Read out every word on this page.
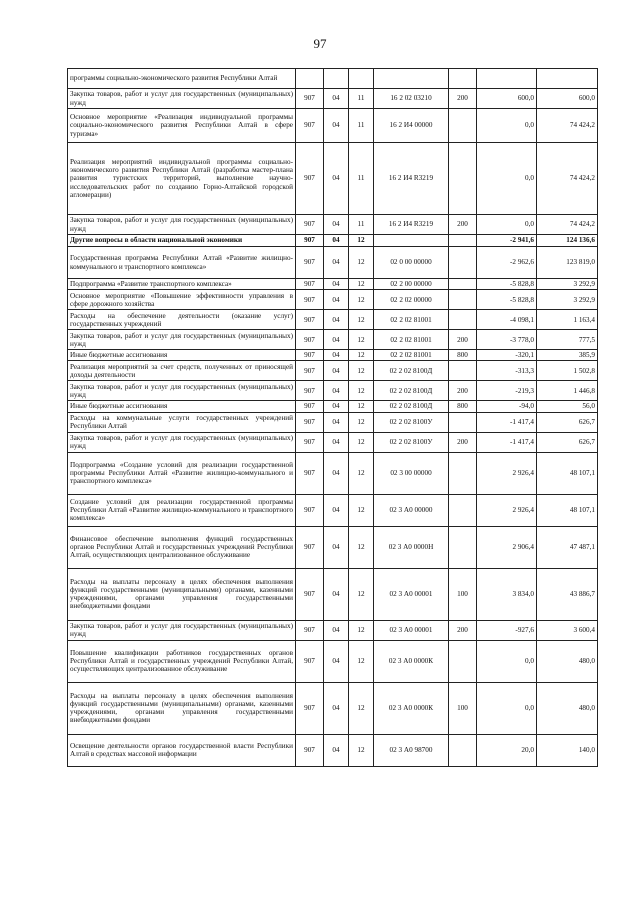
97
программы социально-экономического развития Республики Алтай							
Закупка товаров, работ и услуг для государственных (муниципальных) нужд	907	04	11	16 2 02 03210	200	600,0	600,0
Основное мероприятие «Реализация индивидуальной программы социально-экономического развития Республики Алтай в сфере туризма»	907	04	11	16 2 И4 00000		0,0	74 424,2
Реализация мероприятий индивидуальной программы социально-экономического развития Республики Алтай (разработка мастер-плана развития туристских территорий, выполнение научно-исследовательских работ по созданию Горно-Алтайской городской агломерации)	907	04	11	16 2 И4 R3219		0,0	74 424,2
Закупка товаров, работ и услуг для государственных (муниципальных) нужд	907	04	11	16 2 И4 R3219	200	0,0	74 424,2
Другие вопросы в области национальной экономики	907	04	12			-2 941,6	124 136,6
Государственная программа Республики Алтай «Развитие жилищно-коммунального и транспортного комплекса»	907	04	12	02 0 00 00000		-2 962,6	123 819,0
Подпрограмма «Развитие транспортного комплекса»	907	04	12	02 2 00 00000		-5 828,8	3 292,9
Основное мероприятие «Повышение эффективности управления в сфере дорожного хозяйства	907	04	12	02 2 02 00000		-5 828,8	3 292,9
Расходы на обеспечение деятельности (оказание услуг) государственных учреждений	907	04	12	02 2 02 81001		-4 098,1	1 163,4
Закупка товаров, работ и услуг для государственных (муниципальных) нужд	907	04	12	02 2 02 81001	200	-3 778,0	777,5
Иные бюджетные ассигнования	907	04	12	02 2 02 81001	800	-320,1	385,9
Реализация мероприятий за счет средств, полученных от приносящей доходы деятельности	907	04	12	02 2 02 8100Д		-313,3	1 502,8
Закупка товаров, работ и услуг для государственных (муниципальных) нужд	907	04	12	02 2 02 8100Д	200	-219,3	1 446,8
Иные бюджетные ассигнования	907	04	12	02 2 02 8100Д	800	-94,0	56,0
Расходы на коммунальные услуги государственных учреждений Республики Алтай	907	04	12	02 2 02 8100У		-1 417,4	626,7
Закупка товаров, работ и услуг для государственных (муниципальных) нужд	907	04	12	02 2 02 8100У	200	-1 417,4	626,7
Подпрограмма «Создание условий для реализации государственной программы Республики Алтай «Развитие жилищно-коммунального и транспортного комплекса»	907	04	12	02 3 00 00000		2 926,4	48 107,1
Создание условий для реализации государственной программы Республики Алтай «Развитие жилищно-коммунального и транспортного комплекса»	907	04	12	02 3 А0 00000		2 926,4	48 107,1
Финансовое обеспечение выполнения функций государственных органов Республики Алтай и государственных учреждений Республики Алтай, осуществляющих централизованное обслуживание	907	04	12	02 3 А0 0000Н		2 906,4	47 487,1
Расходы на выплаты персоналу в целях обеспечения выполнения функций государственными (муниципальными) органами, казенными учреждениями, органами управления государственными внебюджетными фондами	907	04	12	02 3 А0 00001	100	3 834,0	43 886,7
Закупка товаров, работ и услуг для государственных (муниципальных) нужд	907	04	12	02 3 А0 00001	200	-927,6	3 600,4
Повышение квалификации работников государственных органов Республики Алтай и государственных учреждений Республики Алтай, осуществляющих централизованное обслуживание	907	04	12	02 3 А0 0000К		0,0	480,0
Расходы на выплаты персоналу в целях обеспечения выполнения функций государственными (муниципальными) органами, казенными учреждениями, органами управления государственными внебюджетными фондами	907	04	12	02 3 А0 0000К	100	0,0	480,0
Освещение деятельности органов государственной власти Республики Алтай в средствах массовой информации	907	04	12	02 3 А0 98700		20,0	140,0
